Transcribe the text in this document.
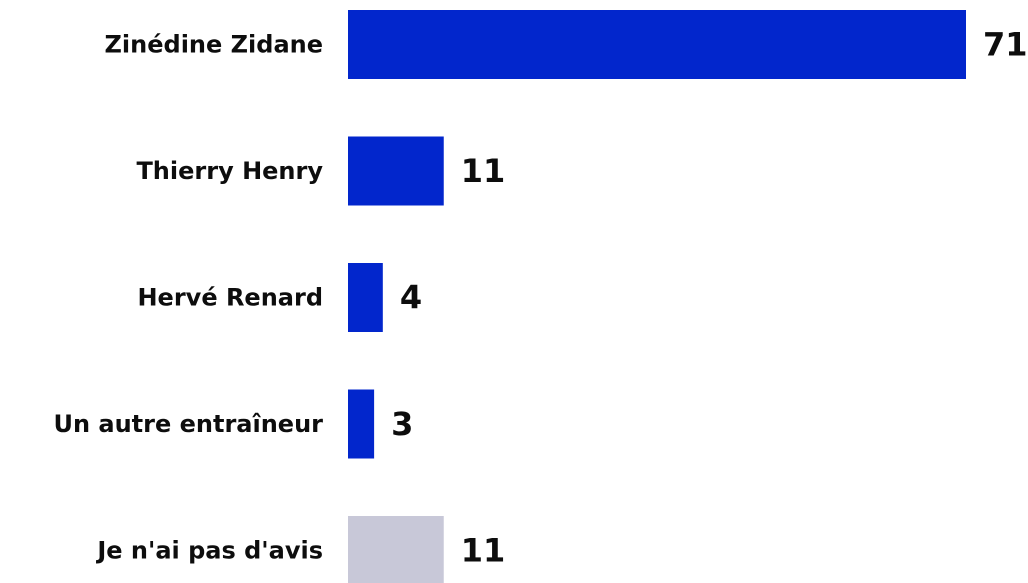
Zinédine Zidane	71
Thierry Henry	11
Hervé Renard 4
Un autre entraîneur 3
Je n'ai pas d'avis	11
